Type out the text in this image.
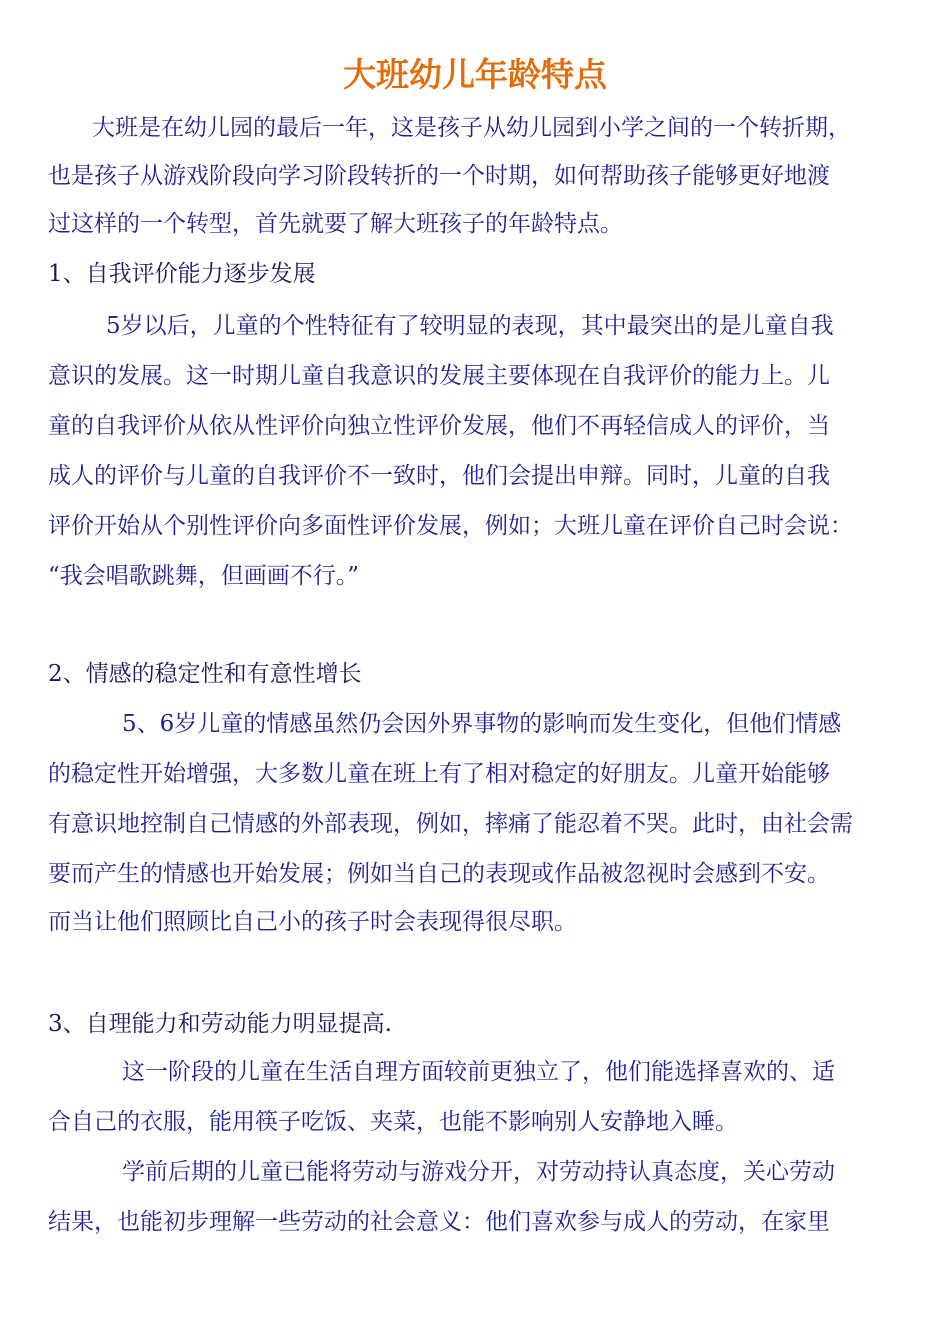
大班幼儿年龄特点
大班是在幼儿园的最后一年，这是孩子从幼儿园到小学之间的一个转折期，
也是孩子从游戏阶段向学习阶段转折的一个时期，如何帮助孩子能够更好地渡
过这样的一个转型，首先就要了解大班孩子的年龄特点。
1、自我评价能力逐步发展
5岁以后，儿童的个性特征有了较明显的表现，其中最突出的是儿童自我
意识的发展。这一时期儿童自我意识的发展主要体现在自我评价的能力上。儿
童的自我评价从依从性评价向独立性评价发展，他们不再轻信成人的评价，当
成人的评价与儿童的自我评价不一致时，他们会提出申辩。同时，儿童的自我
评价开始从个别性评价向多面性评价发展，例如；大班儿童在评价自己时会说：
“我会唱歌跳舞，但画画不行。”
2、情感的稳定性和有意性增长
5、6岁儿童的情感虽然仍会因外界事物的影响而发生变化，但他们情感
的稳定性开始增强，大多数儿童在班上有了相对稳定的好朋友。儿童开始能够
有意识地控制自己情感的外部表现，例如，摔痛了能忍着不哭。此时，由社会需
要而产生的情感也开始发展；例如当自己的表现或作品被忽视时会感到不安。
而当让他们照顾比自己小的孩子时会表现得很尽职。
3、自理能力和劳动能力明显提高.
这一阶段的儿童在生活自理方面较前更独立了，他们能选择喜欢的、适
合自己的衣服，能用筷子吃饭、夹菜，也能不影响别人安静地入睡。
学前后期的儿童已能将劳动与游戏分开，对劳动持认真态度，关心劳动
结果，也能初步理解一些劳动的社会意义：他们喜欢参与成人的劳动，在家里
